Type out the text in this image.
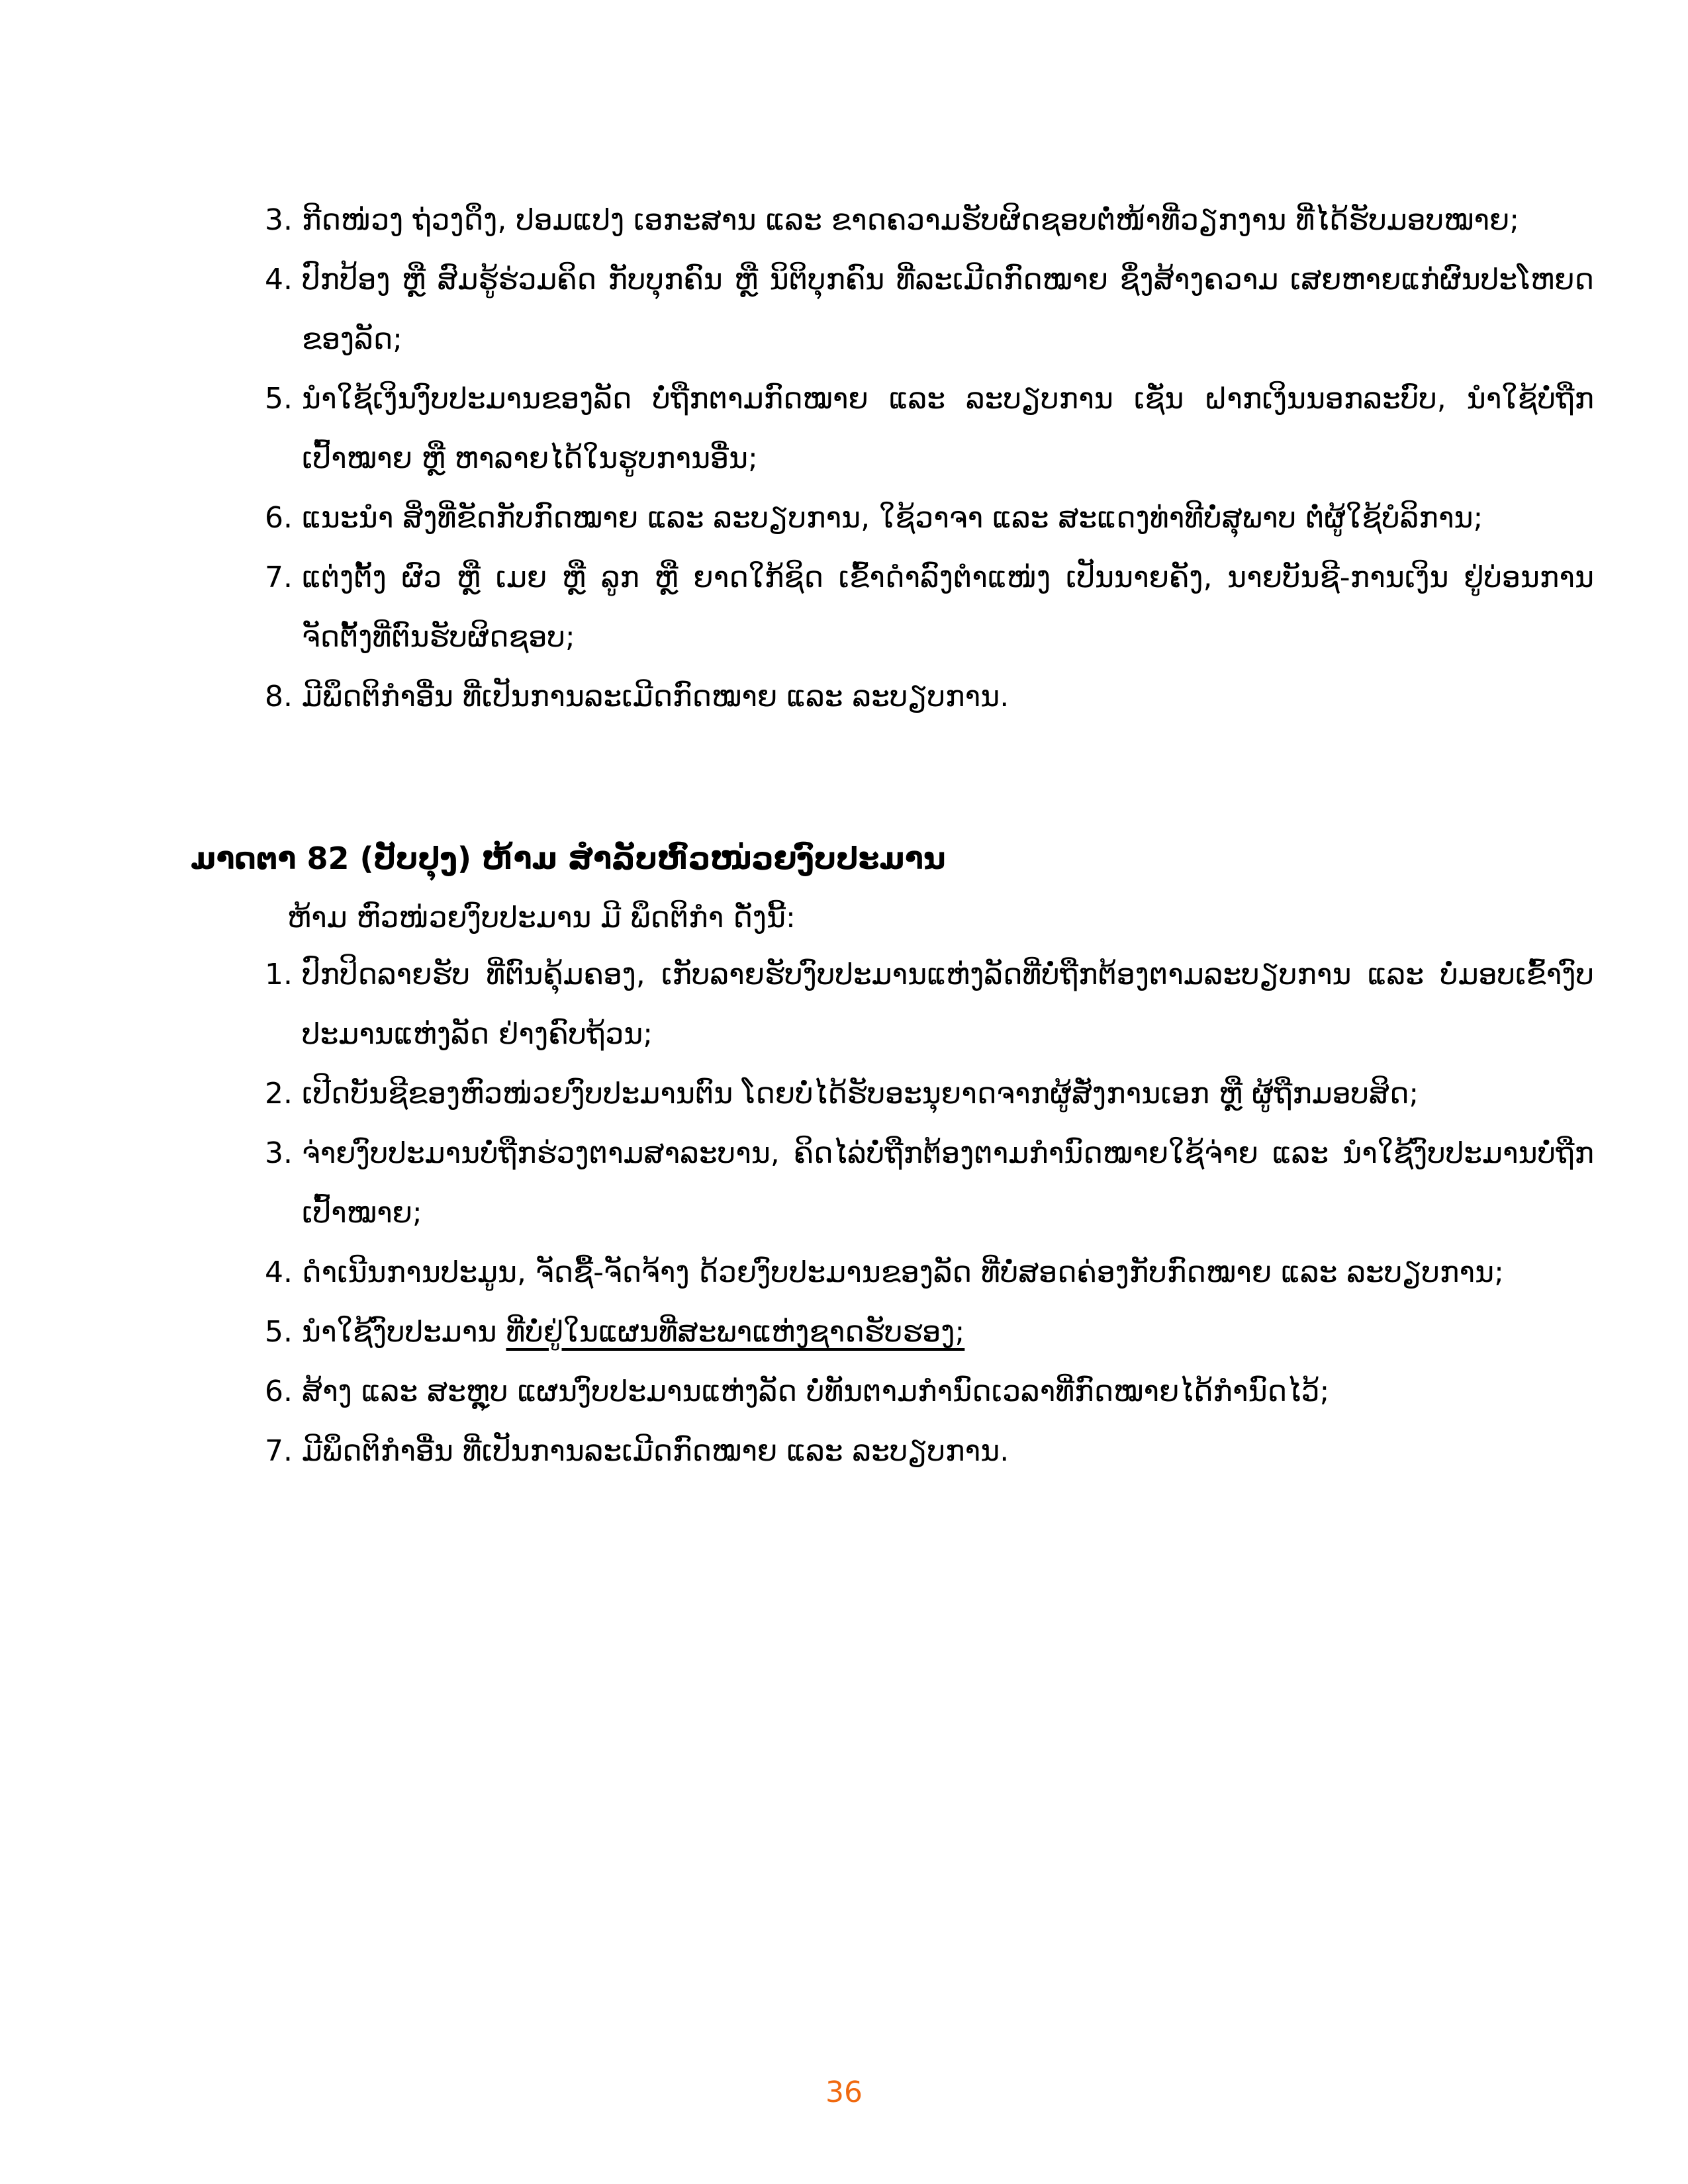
3. ກີດໜ່ວງ ຖ່ວງດຶງ, ປອມແປງ ເອກະສານ ແລະ ຂາດຄວາມຮັບຜິດຊອບຕໍ່ໜ້າທີ່ວຽກງານ ທີ່ໄດ້ຮັບມອບໝາຍ;
4. ປົກປ້ອງ ຫຼື ສົມຮູ້ຮ່ວມຄິດ ກັບບຸກຄົນ ຫຼື ນິຕິບຸກຄົນ ທີ່ລະເມີດກົດໝາຍ ຊຶ່ງສ້າງຄວາມ ເສຍຫາຍແກ່ຜົນປະໂຫຍດຂອງລັດ;
5. ນໍາໃຊ້ເງິນງົບປະມານຂອງລັດ ບໍ່ຖືກຕາມກົດໝາຍ ແລະ ລະບຽບການ ເຊັ່ນ ຝາກເງິນນອກລະບົບ, ນໍາໃຊ້ບໍ່ຖືກເປົ້າໝາຍ ຫຼື ຫາລາຍໄດ້ໃນຮູບການອື່ນ;
6. ແນະນໍາ ສິ່ງທີ່ຂັດກັບກົດໝາຍ ແລະ ລະບຽບການ, ໃຊ້ວາຈາ ແລະ ສະແດງທ່າທີບໍ່ສຸພາບ ຕໍ່ຜູ້ໃຊ້ບໍລິການ;
7. ແຕ່ງຕັ້ງ ຜົວ ຫຼື ເມຍ ຫຼື ລູກ ຫຼື ຍາດໃກ້ຊິດ ເຂົ້າດໍາລົງຕໍາແໜ່ງ ເປັນນາຍຄັງ, ນາຍບັນຊີ-ການເງິນ ຢູ່ບ່ອນການຈັດຕັ້ງທີ່ຕົນຮັບຜິດຊອບ;
8. ມີພຶດຕິກໍາອື່ນ ທີ່ເປັນການລະເມີດກົດໝາຍ ແລະ ລະບຽບການ.
ມາດຕາ 82 (ປັບປຸງ) ຫ້າມ ສໍາລັບຫົວໜ່ວຍງົບປະມານ
ຫ້າມ ຫົວໜ່ວຍງົບປະມານ ມີ ພຶດຕິກໍາ ດັ່ງນີ້:
1. ປົກປິດລາຍຮັບ ທີ່ຕົນຄຸ້ມຄອງ, ເກັບລາຍຮັບງົບປະມານແຫ່ງລັດທີ່ບໍ່ຖືກຕ້ອງຕາມລະບຽບການ ແລະ ບໍ່ມອບເຂົ້າງົບປະມານແຫ່ງລັດ ຢ່າງຄົບຖ້ວນ;
2. ເປີດບັນຊີຂອງຫົວໜ່ວຍງົບປະມານຕົນ ໂດຍບໍ່ໄດ້ຮັບອະນຸຍາດຈາກຜູ້ສັ່ງການເອກ ຫຼື ຜູ້ຖືກມອບສິດ;
3. ຈ່າຍງົບປະມານບໍ່ຖືກຮ່ວງຕາມສາລະບານ, ຄິດໄລ່ບໍ່ຖືກຕ້ອງຕາມກໍານົດໝາຍໃຊ້ຈ່າຍ ແລະ ນໍາໃຊ້ງົບປະມານບໍ່ຖືກເປົ້າໝາຍ;
4. ດໍາເນີນການປະມູນ, ຈັດຊື້-ຈັດຈ້າງ ດ້ວຍງົບປະມານຂອງລັດ ທີ່ບໍ່ສອດຄ່ອງກັບກົດໝາຍ ແລະ ລະບຽບການ;
5. ນໍາໃຊ້ງົບປະມານ ທີ່ບໍ່ຢູ່ໃນແຜນທີ່ສະພາແຫ່ງຊາດຮັບຮອງ;
6. ສ້າງ ແລະ ສະຫຼຸບ ແຜນງົບປະມານແຫ່ງລັດ ບໍ່ທັນຕາມກໍານົດເວລາທີ່ກົດໝາຍໄດ້ກໍານົດໄວ້;
7. ມີພຶດຕິກໍາອື່ນ ທີ່ເປັນການລະເມີດກົດໝາຍ ແລະ ລະບຽບການ.
36
